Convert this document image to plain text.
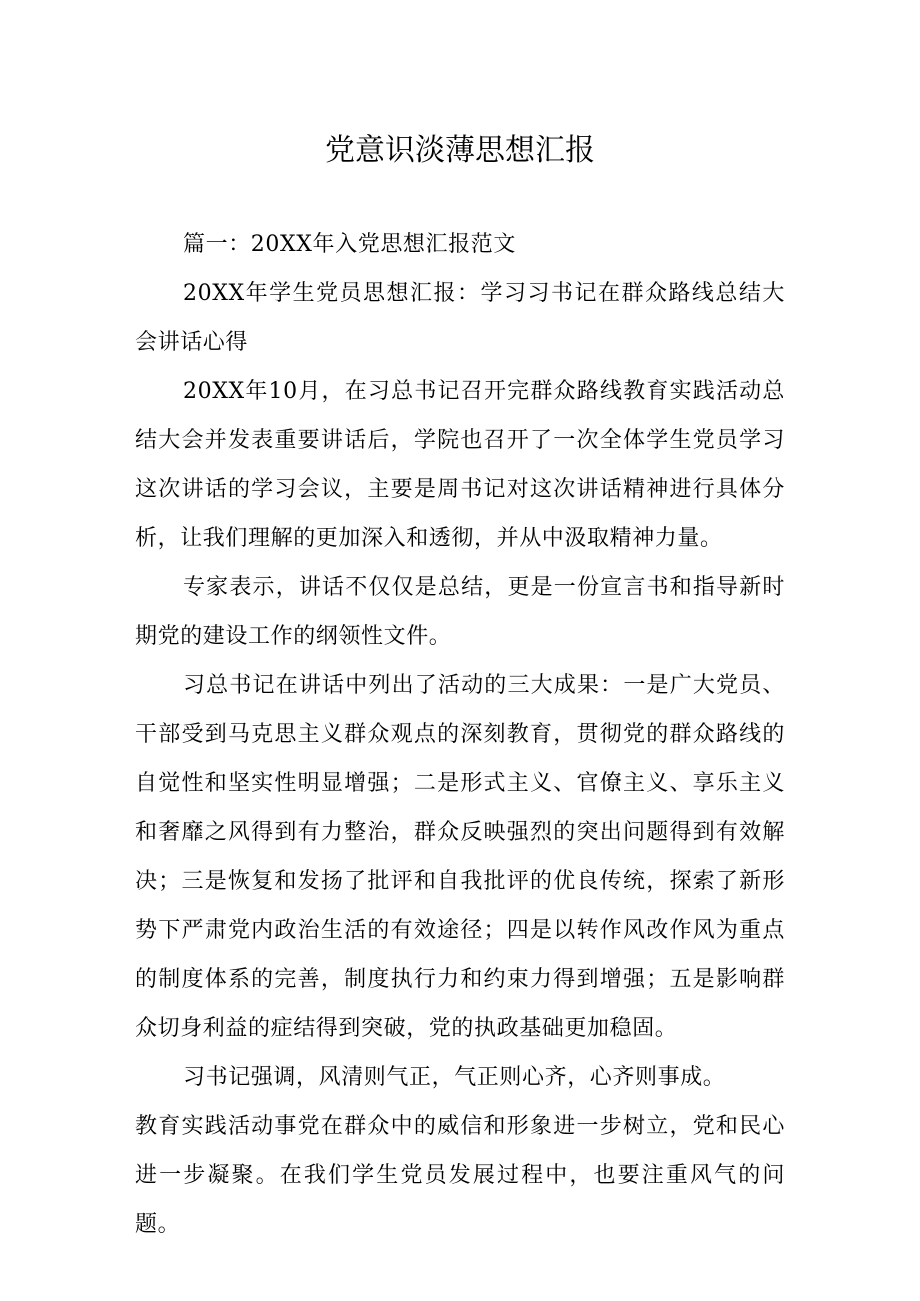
党意识淡薄思想汇报

篇一：20XX年入党思想汇报范文

20XX年学生党员思想汇报：学习习书记在群众路线总结大会讲话心得

20XX年10月，在习总书记召开完群众路线教育实践活动总结大会并发表重要讲话后，学院也召开了一次全体学生党员学习这次讲话的学习会议，主要是周书记对这次讲话精神进行具体分析，让我们理解的更加深入和透彻，并从中汲取精神力量。

专家表示，讲话不仅仅是总结，更是一份宣言书和指导新时期党的建设工作的纲领性文件。

习总书记在讲话中列出了活动的三大成果：一是广大党员、干部受到马克思主义群众观点的深刻教育，贯彻党的群众路线的自觉性和坚实性明显增强；二是形式主义、官僚主义、享乐主义和奢靡之风得到有力整治，群众反映强烈的突出问题得到有效解决；三是恢复和发扬了批评和自我批评的优良传统，探索了新形势下严肃党内政治生活的有效途径；四是以转作风改作风为重点的制度体系的完善，制度执行力和约束力得到增强；五是影响群众切身利益的症结得到突破，党的执政基础更加稳固。

习书记强调，风清则气正，气正则心齐，心齐则事成。

教育实践活动事党在群众中的威信和形象进一步树立，党和民心进一步凝聚。在我们学生党员发展过程中，也要注重风气的问题。
